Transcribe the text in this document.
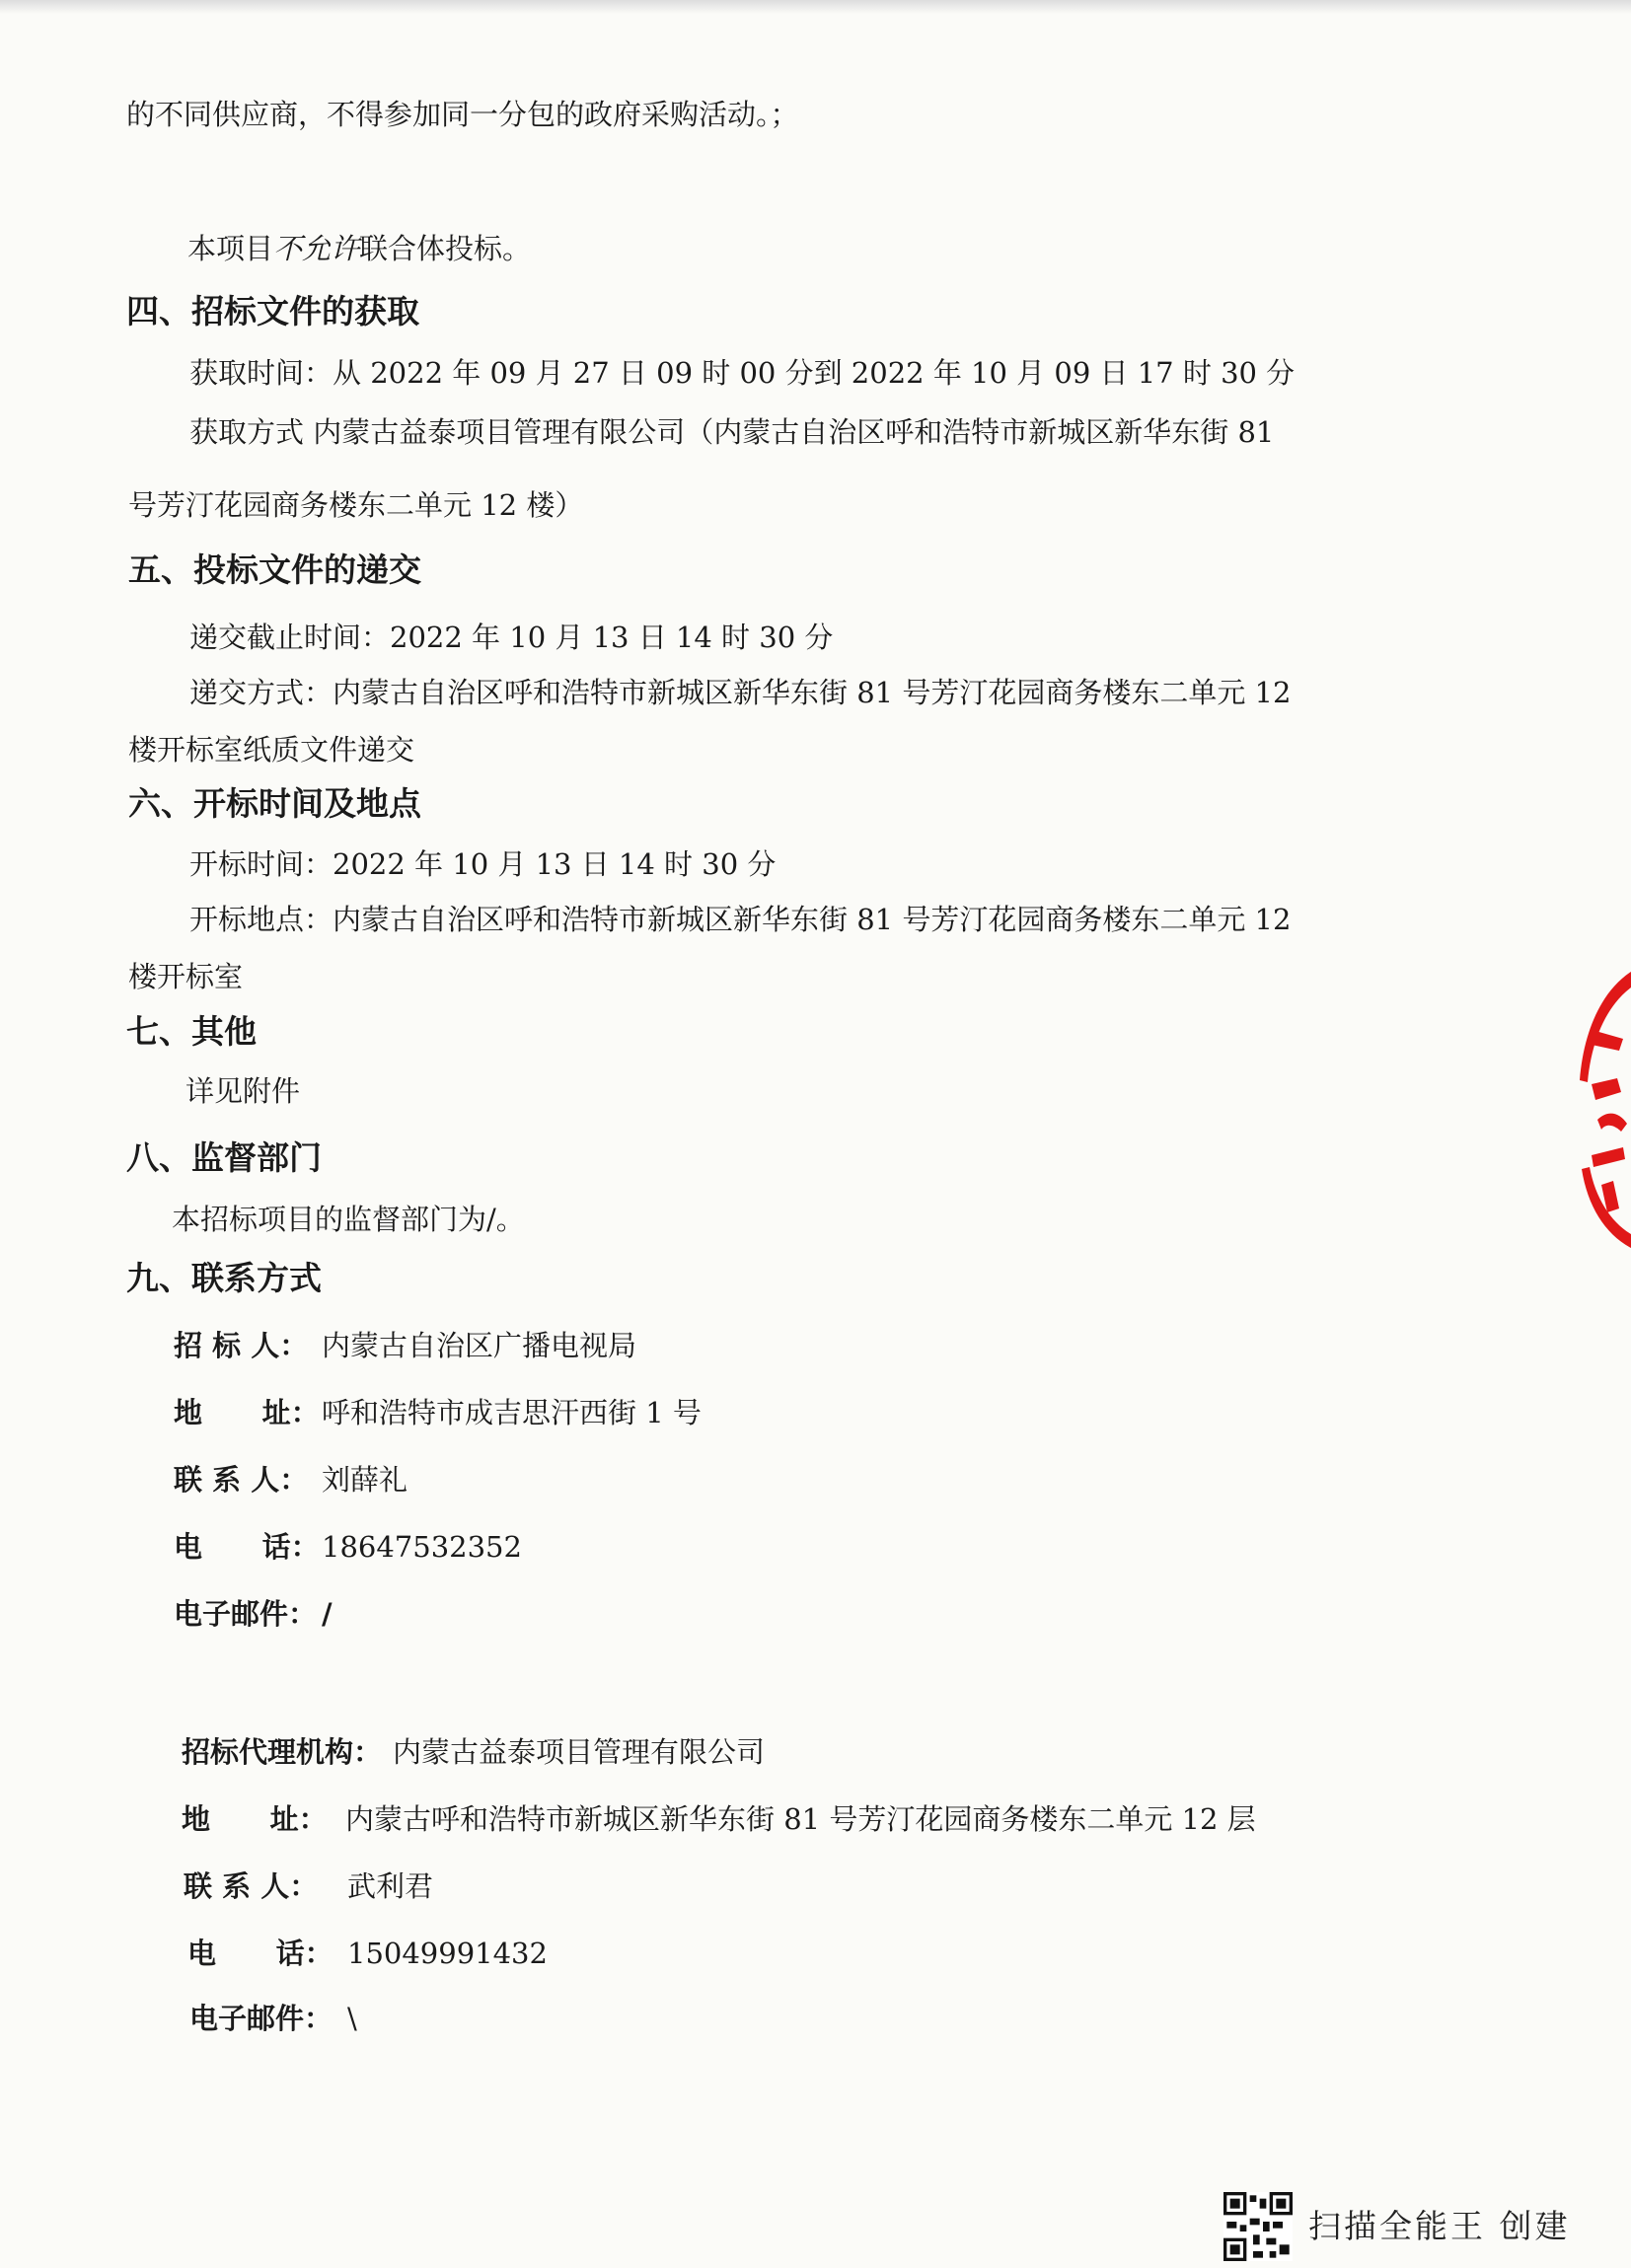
的不同供应商，不得参加同一分包的政府采购活动。；
本项目不允许联合体投标。
四、招标文件的获取
获取时间：从 2022 年 09 月 27 日 09 时 00 分到 2022 年 10 月 09 日 17 时 30 分
获取方式 内蒙古益泰项目管理有限公司（内蒙古自治区呼和浩特市新城区新华东街 81
号芳汀花园商务楼东二单元 12 楼）
五、投标文件的递交
递交截止时间：2022 年 10 月 13 日 14 时 30 分
递交方式：内蒙古自治区呼和浩特市新城区新华东街 81 号芳汀花园商务楼东二单元 12
楼开标室纸质文件递交
六、开标时间及地点
开标时间：2022 年 10 月 13 日 14 时 30 分
开标地点：内蒙古自治区呼和浩特市新城区新华东街 81 号芳汀花园商务楼东二单元 12
楼开标室
七、其他
详见附件
八、监督部门
本招标项目的监督部门为/。
九、联系方式
招 标 人： 内蒙古自治区广播电视局
地      址：呼和浩特市成吉思汗西街 1 号
联 系 人： 刘薛礼
电      话：18647532352
电子邮件： /
招标代理机构： 内蒙古益泰项目管理有限公司
地      址： 内蒙古呼和浩特市新城区新华东街 81 号芳汀花园商务楼东二单元 12 层
联 系 人： 武利君
电      话： 15049991432
电子邮件： \
扫描全能王 创建
